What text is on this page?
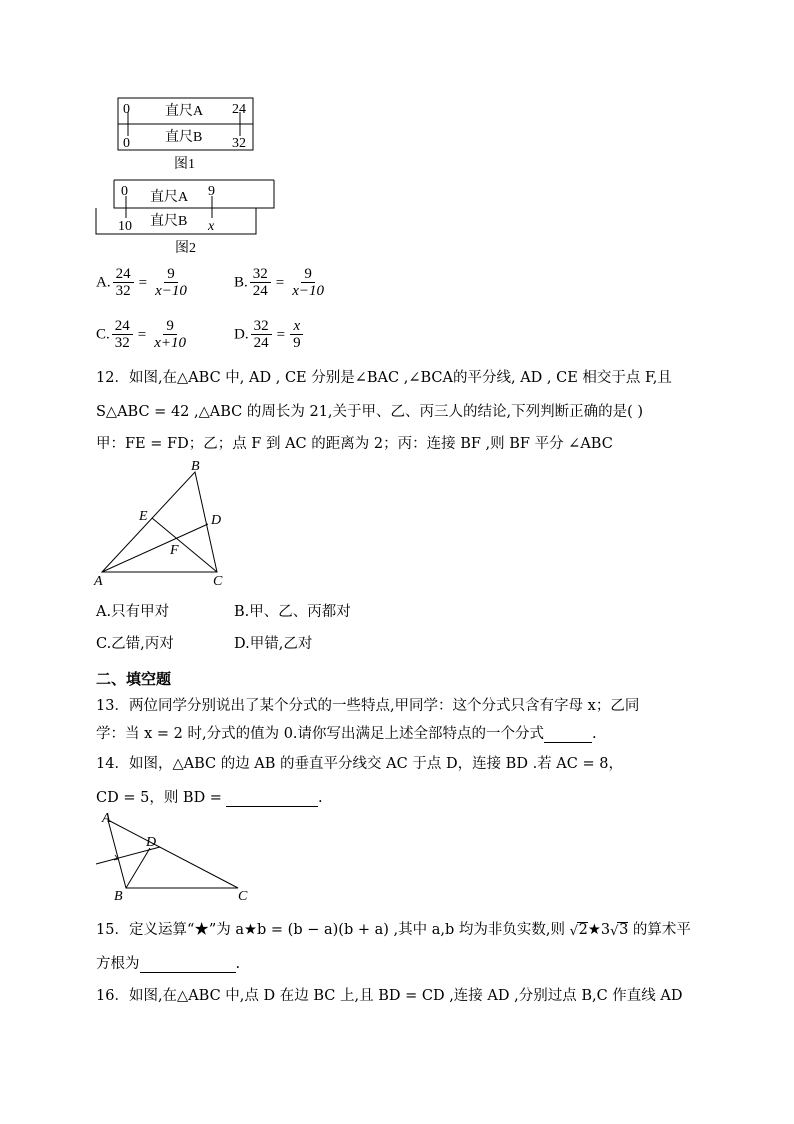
0	直尺A 24
0	直尺B 32
图1
0 直尺A 9
10 直尺B x
图2
A. $\frac{24}{32} = \frac{9}{x-10}$	B. $\frac{32}{24} = \frac{9}{x-10}$
C. $\frac{24}{32} = \frac{9}{x+10}$	D. $\frac{32}{24} = \frac{x}{9}$
12．如图,在△ABC 中, AD , CE 分别是∠BAC ,∠BCA的平分线, AD , CE 相交于点 F,且
S△ABC = 42 ,△ABC 的周长为 21,关于甲、乙、丙三人的结论,下列判断正确的是( )
甲：FE = FD；乙；点 F 到 AC 的距离为 2；丙：连接 BF ,则 BF 平分 ∠ABC
B
E	D
F
A	C
A.只有甲对	B.甲、乙、丙都对
C.乙错,丙对	D.甲错,乙对
二、填空题
13．两位同学分别说出了某个分式的一些特点,甲同学：这个分式只含有字母 x；乙同
学：当 x = 2 时,分式的值为 0.请你写出满足上述全部特点的一个分式	.
14．如图，△ABC 的边 AB 的垂直平分线交 AC 于点 D，连接 BD .若 AC = 8，
CD = 5，则 BD =	.
A
D
B	C
15．定义运算“★”为 a★b = (b − a)(b + a) ,其中 a,b 均为非负实数,则 √ 2★3 √ 3 的算术平
方根为	.
16．如图,在△ABC 中,点 D 在边 BC 上,且 BD = CD ,连接 AD ,分别过点 B,C 作直线 AD
